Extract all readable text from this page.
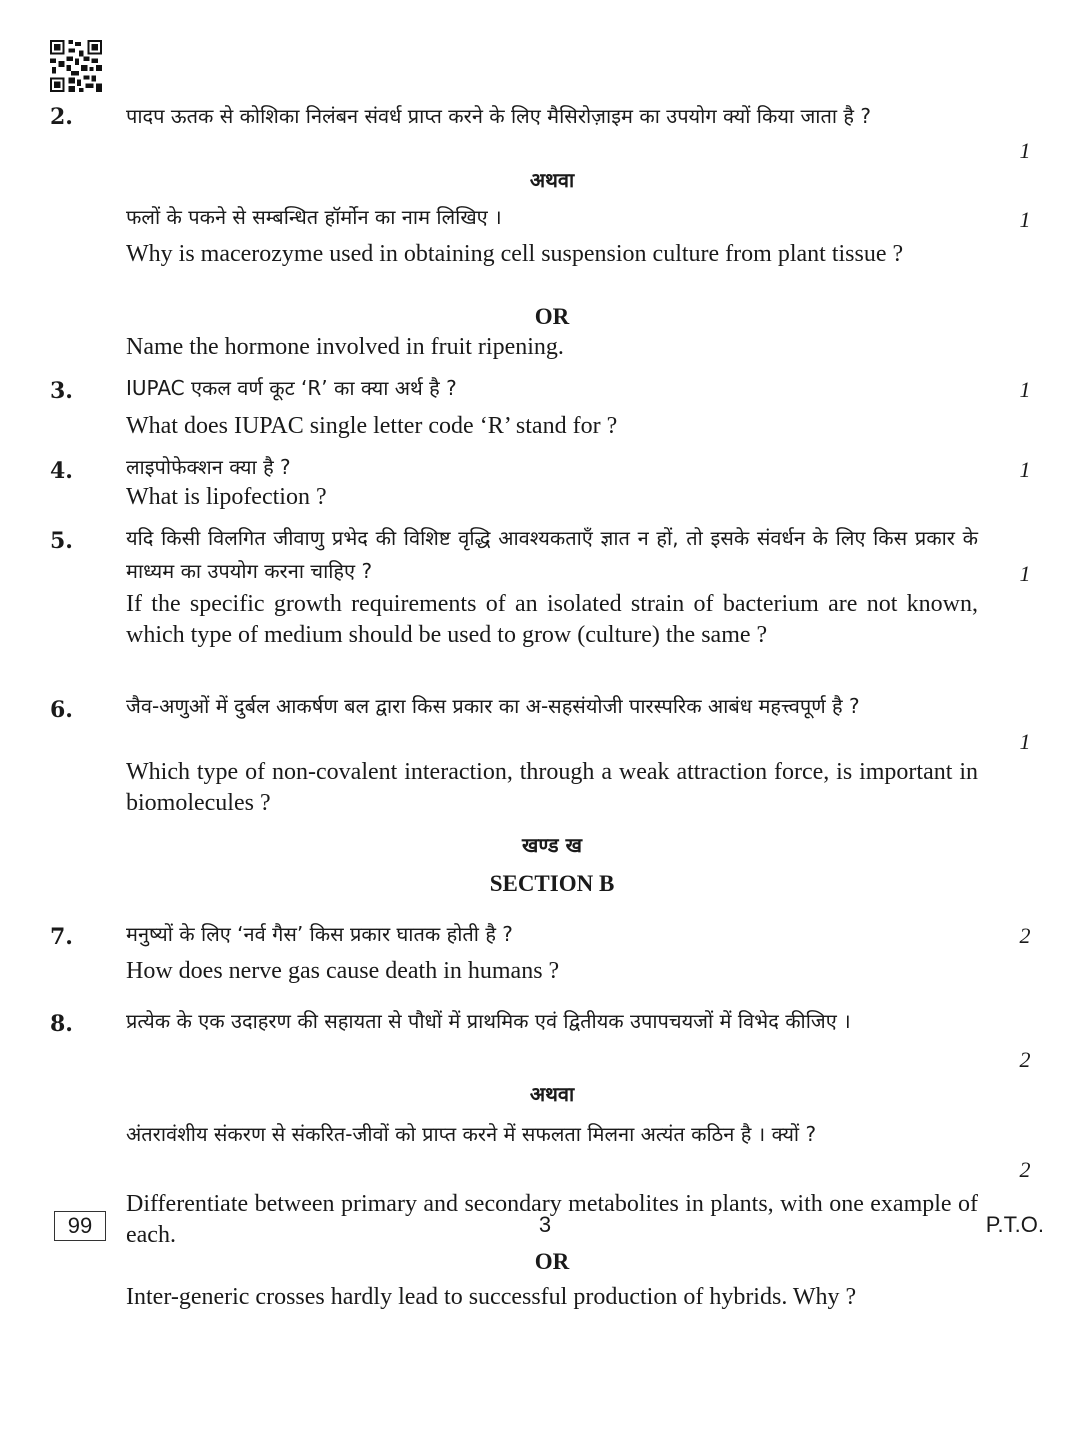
2.	पादप ऊतक से कोशिका निलंबन संवर्ध प्राप्त करने के लिए मैसिरोज़ाइम का उपयोग क्यों किया जाता है ?
1
अथवा
फलों के पकने से सम्बन्धित हॉर्मोन का नाम लिखिए ।	1
Why is macerozyme used in obtaining cell suspension culture from plant tissue ?
OR
Name the hormone involved in fruit ripening.
3.	IUPAC एकल वर्ण कूट ‘R’ का क्या अर्थ है ?	1
What does IUPAC single letter code ‘R’ stand for ?
4.	लाइपोफेक्शन क्या है ?	1
What is lipofection ?
5.	यदि किसी विलगित जीवाणु प्रभेद की विशिष्ट वृद्धि आवश्यकताएँ ज्ञात न हों, तो इसके संवर्धन के लिए किस प्रकार के माध्यम का उपयोग करना चाहिए ?	1
If the specific growth requirements of an isolated strain of bacterium are not known, which type of medium should be used to grow (culture) the same ?
6.	जैव-अणुओं में दुर्बल आकर्षण बल द्वारा किस प्रकार का अ-सहसंयोजी पारस्परिक आबंध महत्त्वपूर्ण है ?
1
Which type of non-covalent interaction, through a weak attraction force, is important in biomolecules ?
खण्ड ख
SECTION B
7.	मनुष्यों के लिए ‘नर्व गैस’ किस प्रकार घातक होती है ?	2
How does nerve gas cause death in humans ?
8.	प्रत्येक के एक उदाहरण की सहायता से पौधों में प्राथमिक एवं द्वितीयक उपापचयजों में विभेद कीजिए ।
2
अथवा
अंतरावंशीय संकरण से संकरित-जीवों को प्राप्त करने में सफलता मिलना अत्यंत कठिन है । क्यों ?
2
Differentiate between primary and secondary metabolites in plants, with one example of each.
OR
Inter-generic crosses hardly lead to successful production of hybrids. Why ?
99	3	P.T.O.
